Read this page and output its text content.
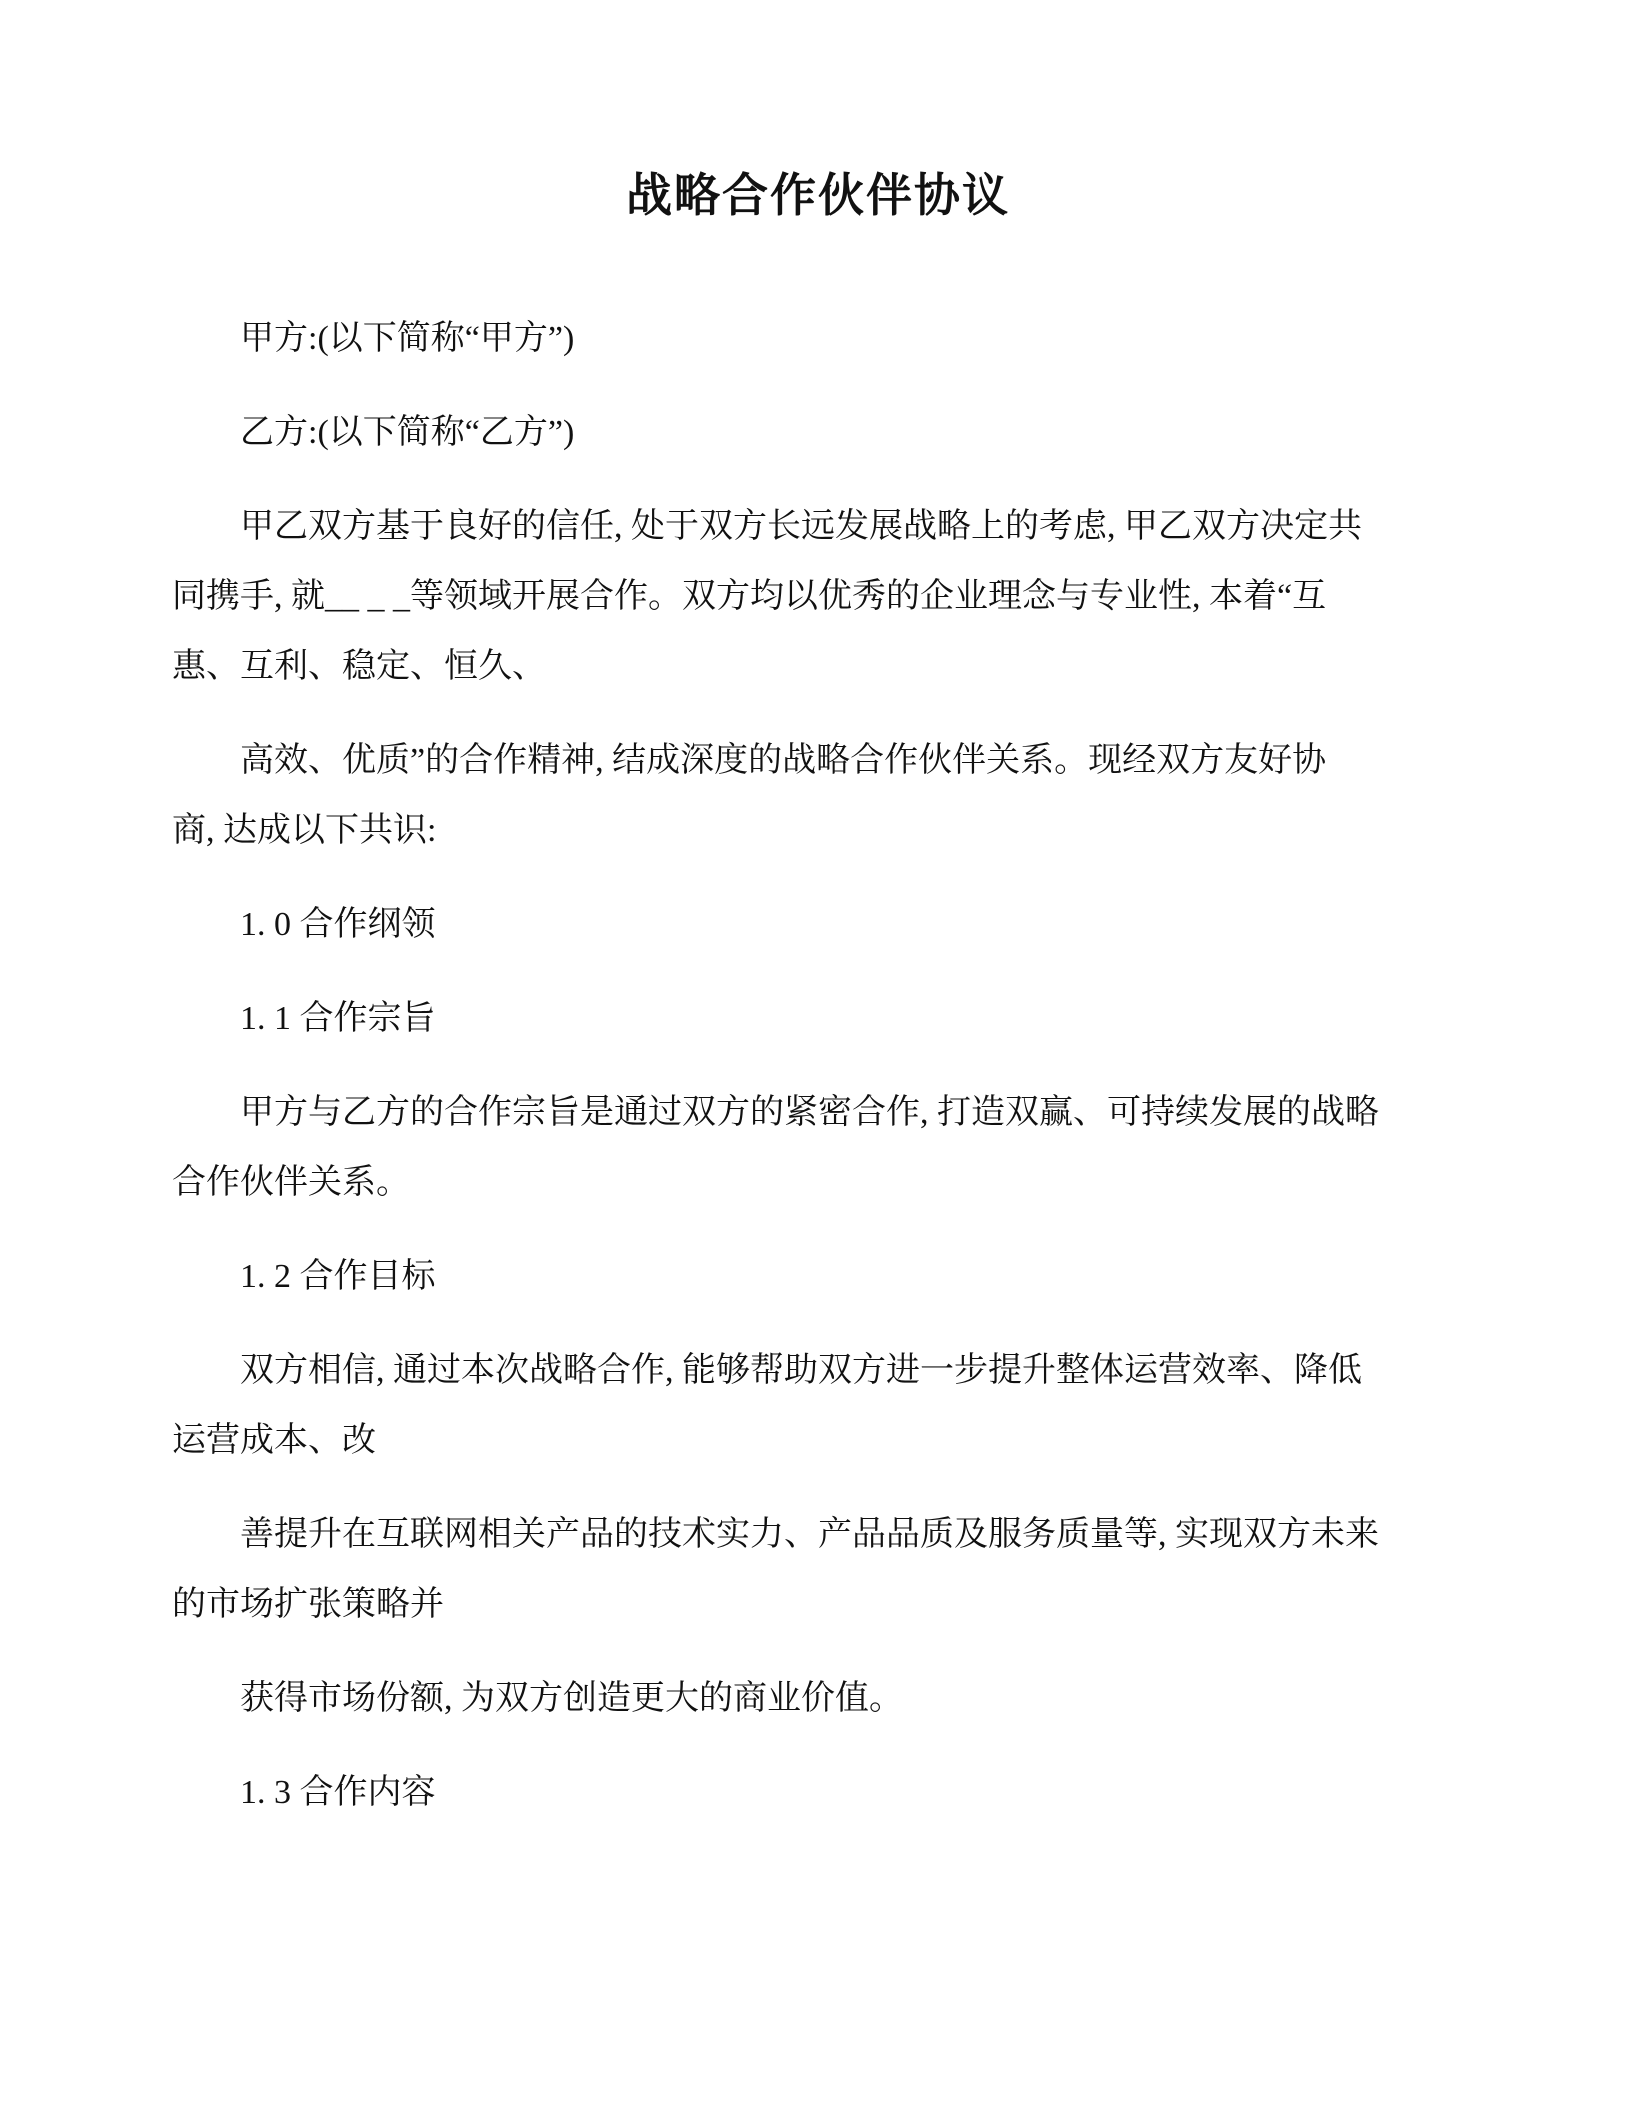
战略合作伙伴协议

甲方:(以下简称“甲方”)

乙方:(以下简称“乙方”)

甲乙双方基于良好的信任, 处于双方长远发展战略上的考虑, 甲乙双方决定共
同携手, 就__ _ _等领域开展合作。双方均以优秀的企业理念与专业性, 本着“互
惠、互利、稳定、恒久、

高效、优质”的合作精神, 结成深度的战略合作伙伴关系。现经双方友好协
商, 达成以下共识:

1. 0 合作纲领

1. 1 合作宗旨

甲方与乙方的合作宗旨是通过双方的紧密合作, 打造双赢、可持续发展的战略
合作伙伴关系。

1. 2 合作目标

双方相信, 通过本次战略合作, 能够帮助双方进一步提升整体运营效率、降低
运营成本、改

善提升在互联网相关产品的技术实力、产品品质及服务质量等, 实现双方未来
的市场扩张策略并

获得市场份额, 为双方创造更大的商业价值。

1. 3 合作内容
